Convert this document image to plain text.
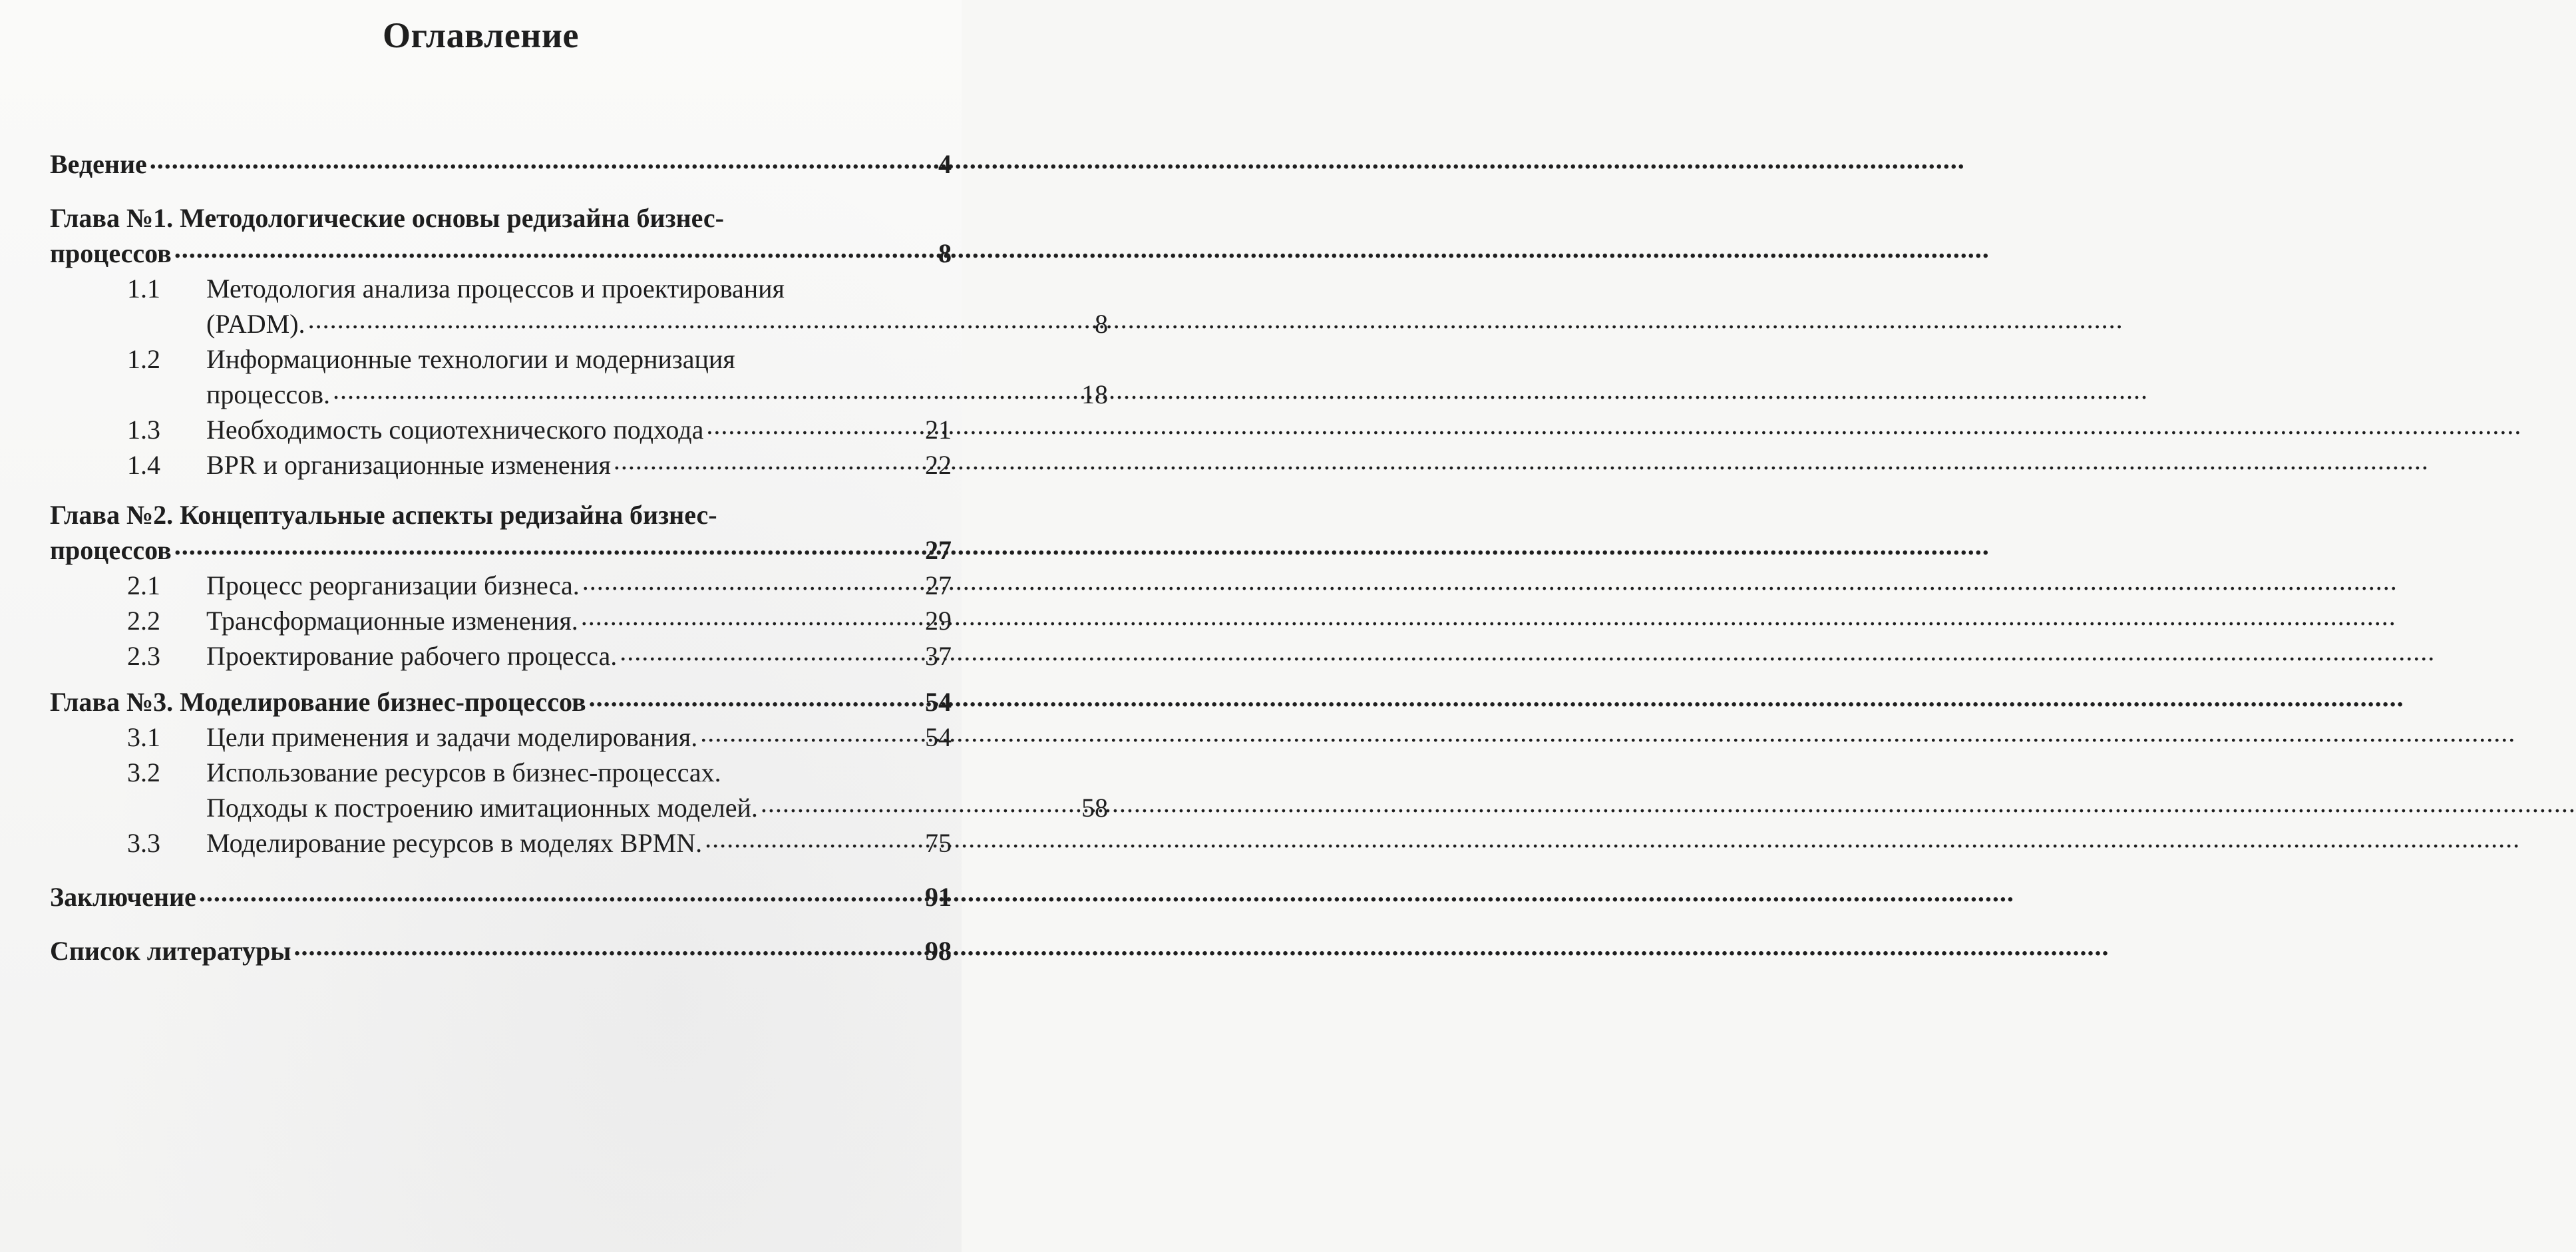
Оглавление
Ведение .....	4
Глава №1. Методологические основы редизайна бизнес-
процессов .....	8
1.1	Методология анализа процессов и проектирования
(PADM). .....	8
1.2	Информационные технологии и модернизация
процессов. .....	18
1.3	Необходимость социотехнического подхода .....	21
1.4	BPR и организационные изменения .....	22
Глава №2. Концептуальные аспекты редизайна бизнес-
процессов .....	27
2.1	Процесс реорганизации бизнеса. .....	27
2.2	Трансформационные изменения. .....	29
2.3	Проектирование рабочего процесса. .....	37
Глава №3. Моделирование бизнес-процессов .....	54
3.1	Цели применения и задачи моделирования. .....	54
3.2	Использование ресурсов в бизнес-процессах.
Подходы к построению имитационных моделей. .....	58
3.3	Моделирование ресурсов в моделях BPMN. .....	75
Заключение .....	91
Список литературы .....	98
